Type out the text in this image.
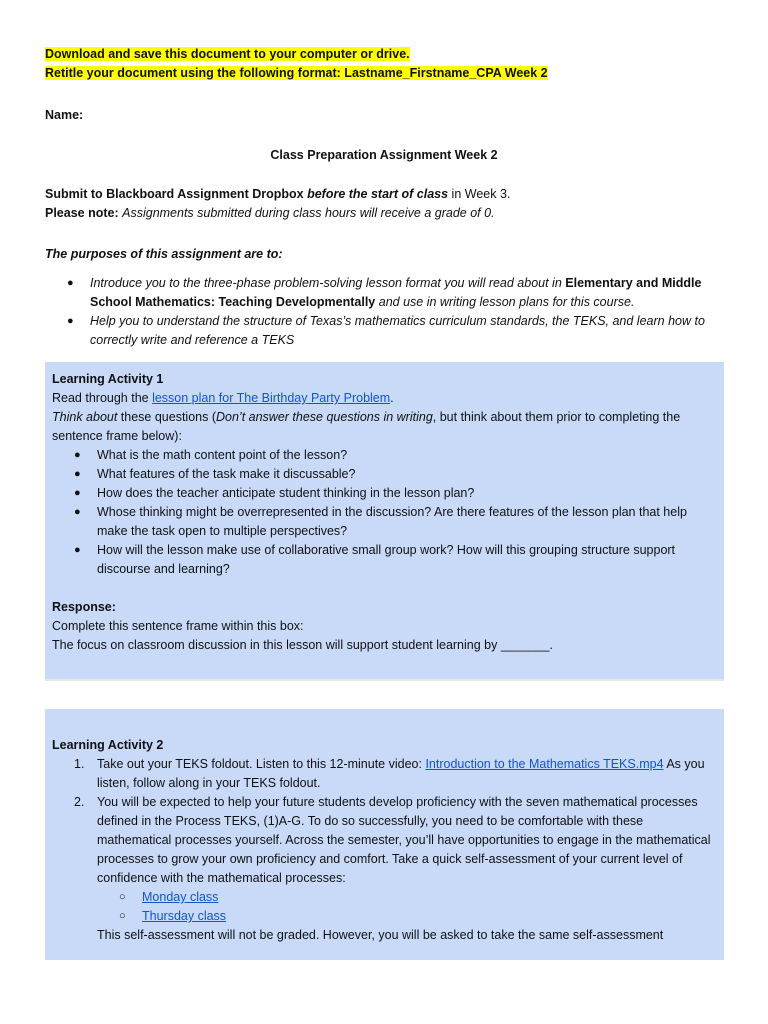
Download and save this document to your computer or drive.
Retitle your document using the following format: Lastname_Firstname_CPA Week 2
Name:
Class Preparation Assignment Week 2
Submit to Blackboard Assignment Dropbox before the start of class in Week 3.
Please note: Assignments submitted during class hours will receive a grade of 0.
The purposes of this assignment are to:
● Introduce you to the three-phase problem-solving lesson format you will read about in Elementary and Middle School Mathematics: Teaching Developmentally and use in writing lesson plans for this course.
● Help you to understand the structure of Texas’s mathematics curriculum standards, the TEKS, and learn how to correctly write and reference a TEKS
Learning Activity 1
Read through the lesson plan for The Birthday Party Problem.
Think about these questions (Don’t answer these questions in writing, but think about them prior to completing the sentence frame below):
● What is the math content point of the lesson?
● What features of the task make it discussable?
● How does the teacher anticipate student thinking in the lesson plan?
● Whose thinking might be overrepresented in the discussion? Are there features of the lesson plan that help make the task open to multiple perspectives?
● How will the lesson make use of collaborative small group work? How will this grouping structure support discourse and learning?
Response:
Complete this sentence frame within this box:
The focus on classroom discussion in this lesson will support student learning by _______.
Learning Activity 2
1. Take out your TEKS foldout. Listen to this 12-minute video: Introduction to the Mathematics TEKS.mp4 As you listen, follow along in your TEKS foldout.
2. You will be expected to help your future students develop proficiency with the seven mathematical processes defined in the Process TEKS, (1)A-G. To do so successfully, you need to be comfortable with these mathematical processes yourself. Across the semester, you’ll have opportunities to engage in the mathematical processes to grow your own proficiency and comfort. Take a quick self-assessment of your current level of confidence with the mathematical processes:
○ Monday class
○ Thursday class
This self-assessment will not be graded. However, you will be asked to take the same self-assessment
